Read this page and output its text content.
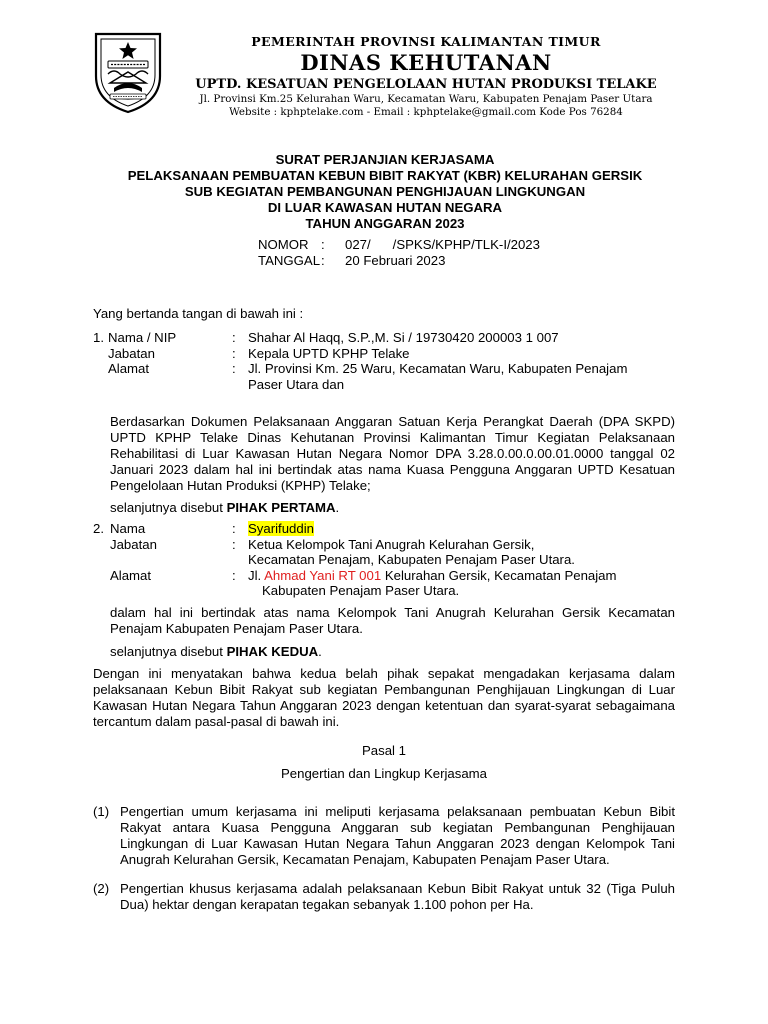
PEMERINTAH PROVINSI KALIMANTAN TIMUR
DINAS KEHUTANAN
UPTD. KESATUAN PENGELOLAAN HUTAN PRODUKSI TELAKE
Jl. Provinsi Km.25 Kelurahan Waru, Kecamatan Waru, Kabupaten Penajam Paser Utara
Website : kphptelake.com - Email : kphptelake@gmail.com Kode Pos 76284
SURAT PERJANJIAN KERJASAMA
PELAKSANAAN PEMBUATAN KEBUN BIBIT RAKYAT (KBR) KELURAHAN GERSIK
SUB KEGIATAN PEMBANGUNAN PENGHIJAUAN LINGKUNGAN
DI LUAR KAWASAN HUTAN NEGARA
TAHUN ANGGARAN 2023
NOMOR : 027/      /SPKS/KPHP/TLK-I/2023
TANGGAL: 20 Februari 2023
Yang bertanda tangan di bawah ini :
1. Nama / NIP	: Shahar Al Haqq, S.P.,M. Si / 19730420 200003 1 007
Jabatan	: Kepala UPTD KPHP Telake
Alamat	: Jl. Provinsi Km. 25 Waru, Kecamatan Waru, Kabupaten Penajam
Paser Utara dan
Berdasarkan Dokumen Pelaksanaan Anggaran Satuan Kerja Perangkat Daerah (DPA SKPD) UPTD KPHP Telake Dinas Kehutanan Provinsi Kalimantan Timur Kegiatan Pelaksanaan Rehabilitasi di Luar Kawasan Hutan Negara Nomor DPA 3.28.0.00.0.00.01.0000 tanggal 02 Januari 2023 dalam hal ini bertindak atas nama Kuasa Pengguna Anggaran UPTD Kesatuan Pengelolaan Hutan Produksi (KPHP) Telake;
selanjutnya disebut PIHAK PERTAMA.
2. Nama	: Syarifuddin
Jabatan	: Ketua Kelompok Tani Anugrah Kelurahan Gersik,
Kecamatan Penajam, Kabupaten Penajam Paser Utara.
Alamat	: Jl. Ahmad Yani RT 001 Kelurahan Gersik, Kecamatan Penajam
Kabupaten Penajam Paser Utara.
dalam hal ini bertindak atas nama Kelompok Tani Anugrah Kelurahan Gersik Kecamatan Penajam Kabupaten Penajam Paser Utara.
selanjutnya disebut PIHAK KEDUA.
Dengan ini menyatakan bahwa kedua belah pihak sepakat mengadakan kerjasama dalam pelaksanaan Kebun Bibit Rakyat sub kegiatan Pembangunan Penghijauan Lingkungan di Luar Kawasan Hutan Negara Tahun Anggaran 2023 dengan ketentuan dan syarat-syarat sebagaimana tercantum dalam pasal-pasal di bawah ini.
Pasal 1
Pengertian dan Lingkup Kerjasama
(1) Pengertian umum kerjasama ini meliputi kerjasama pelaksanaan pembuatan Kebun Bibit Rakyat antara Kuasa Pengguna Anggaran sub kegiatan Pembangunan Penghijauan Lingkungan di Luar Kawasan Hutan Negara Tahun Anggaran 2023 dengan Kelompok Tani Anugrah Kelurahan Gersik, Kecamatan Penajam, Kabupaten Penajam Paser Utara.
(2) Pengertian khusus kerjasama adalah pelaksanaan Kebun Bibit Rakyat untuk 32 (Tiga Puluh Dua) hektar dengan kerapatan tegakan sebanyak 1.100 pohon per Ha.
